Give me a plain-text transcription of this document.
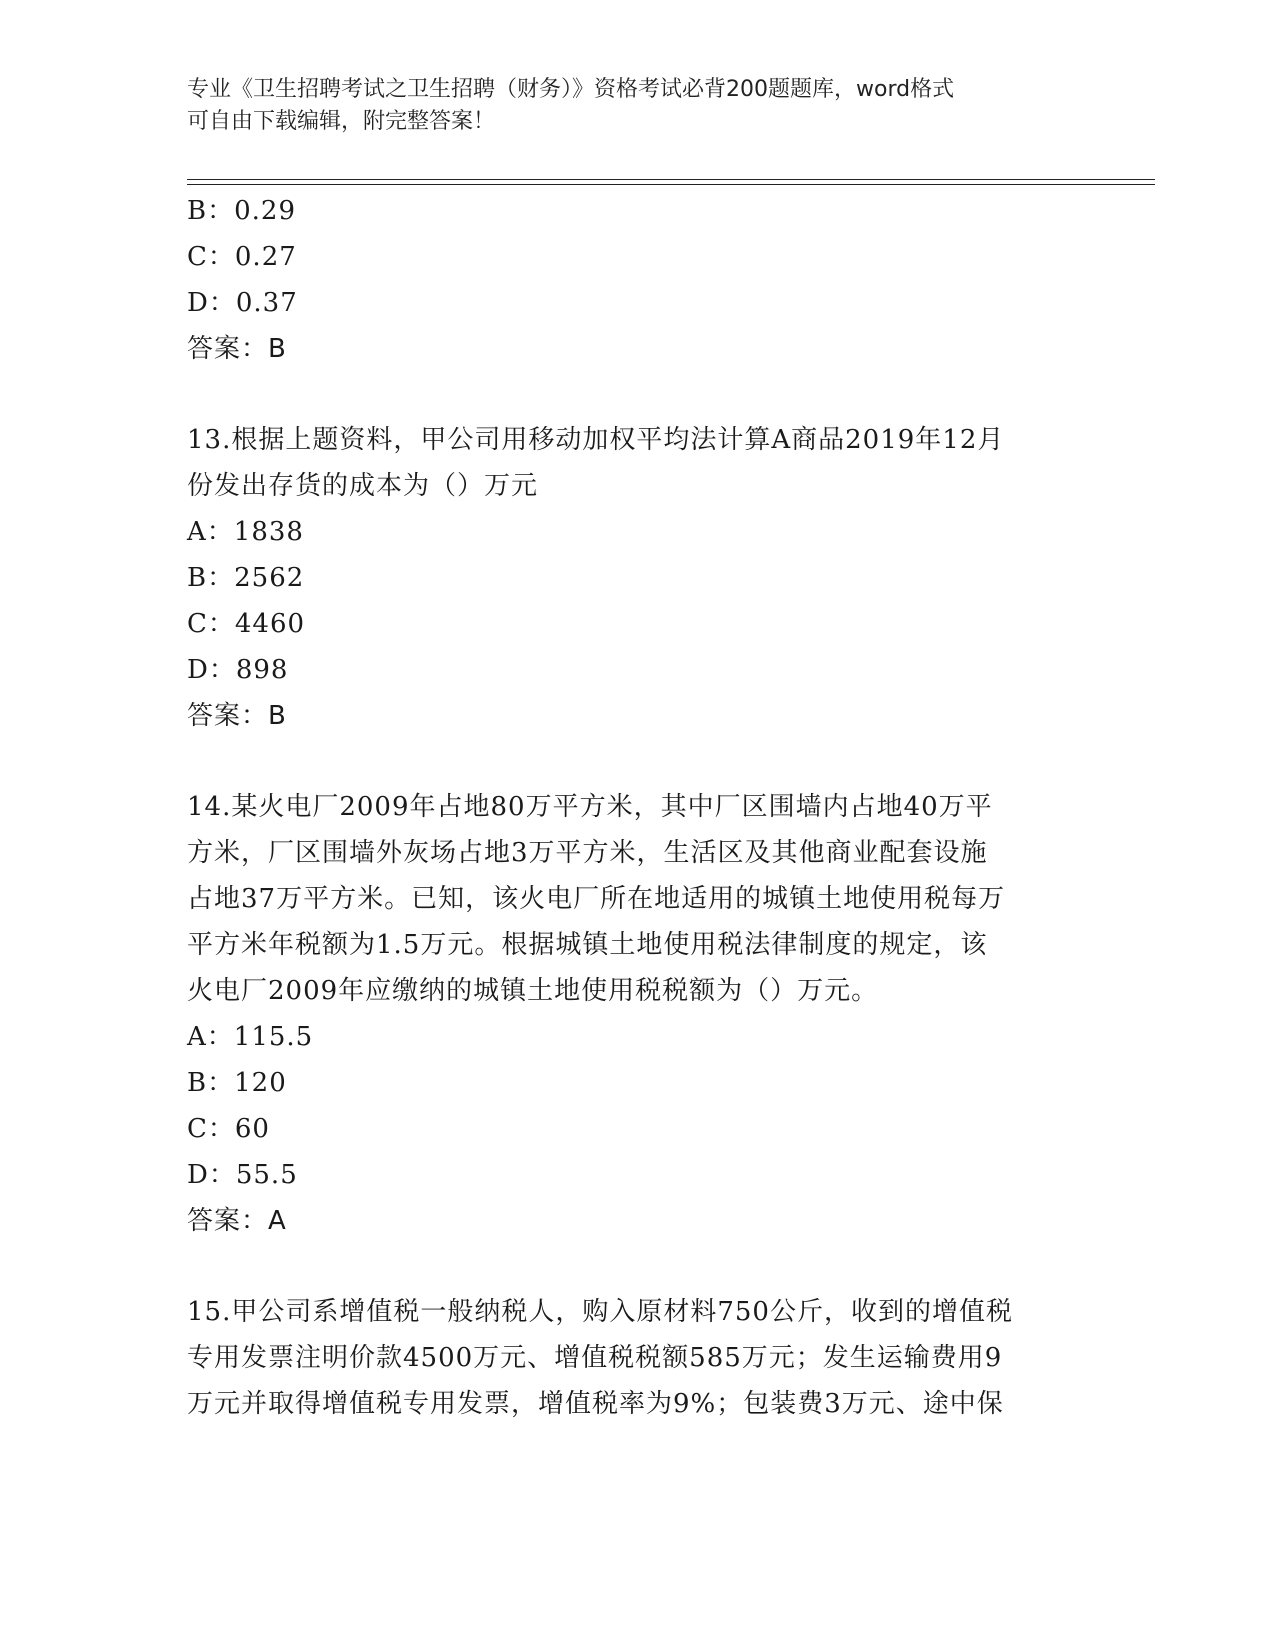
专业《卫生招聘考试之卫生招聘（财务）》资格考试必背200题题库，word格式
可自由下载编辑，附完整答案！
B：0.29
C：0.27
D：0.37
答案：B
13.根据上题资料，甲公司用移动加权平均法计算A商品2019年12月
份发出存货的成本为（）万元
A：1838
B：2562
C：4460
D：898
答案：B
14.某火电厂2009年占地80万平方米，其中厂区围墙内占地40万平
方米，厂区围墙外灰场占地3万平方米，生活区及其他商业配套设施
占地37万平方米。已知，该火电厂所在地适用的城镇土地使用税每万
平方米年税额为1.5万元。根据城镇土地使用税法律制度的规定，该
火电厂2009年应缴纳的城镇土地使用税税额为（）万元。
A：115.5
B：120
C：60
D：55.5
答案：A
15.甲公司系增值税一般纳税人，购入原材料750公斤，收到的增值税
专用发票注明价款4500万元、增值税税额585万元；发生运输费用9
万元并取得增值税专用发票，增值税率为9%；包装费3万元、途中保
